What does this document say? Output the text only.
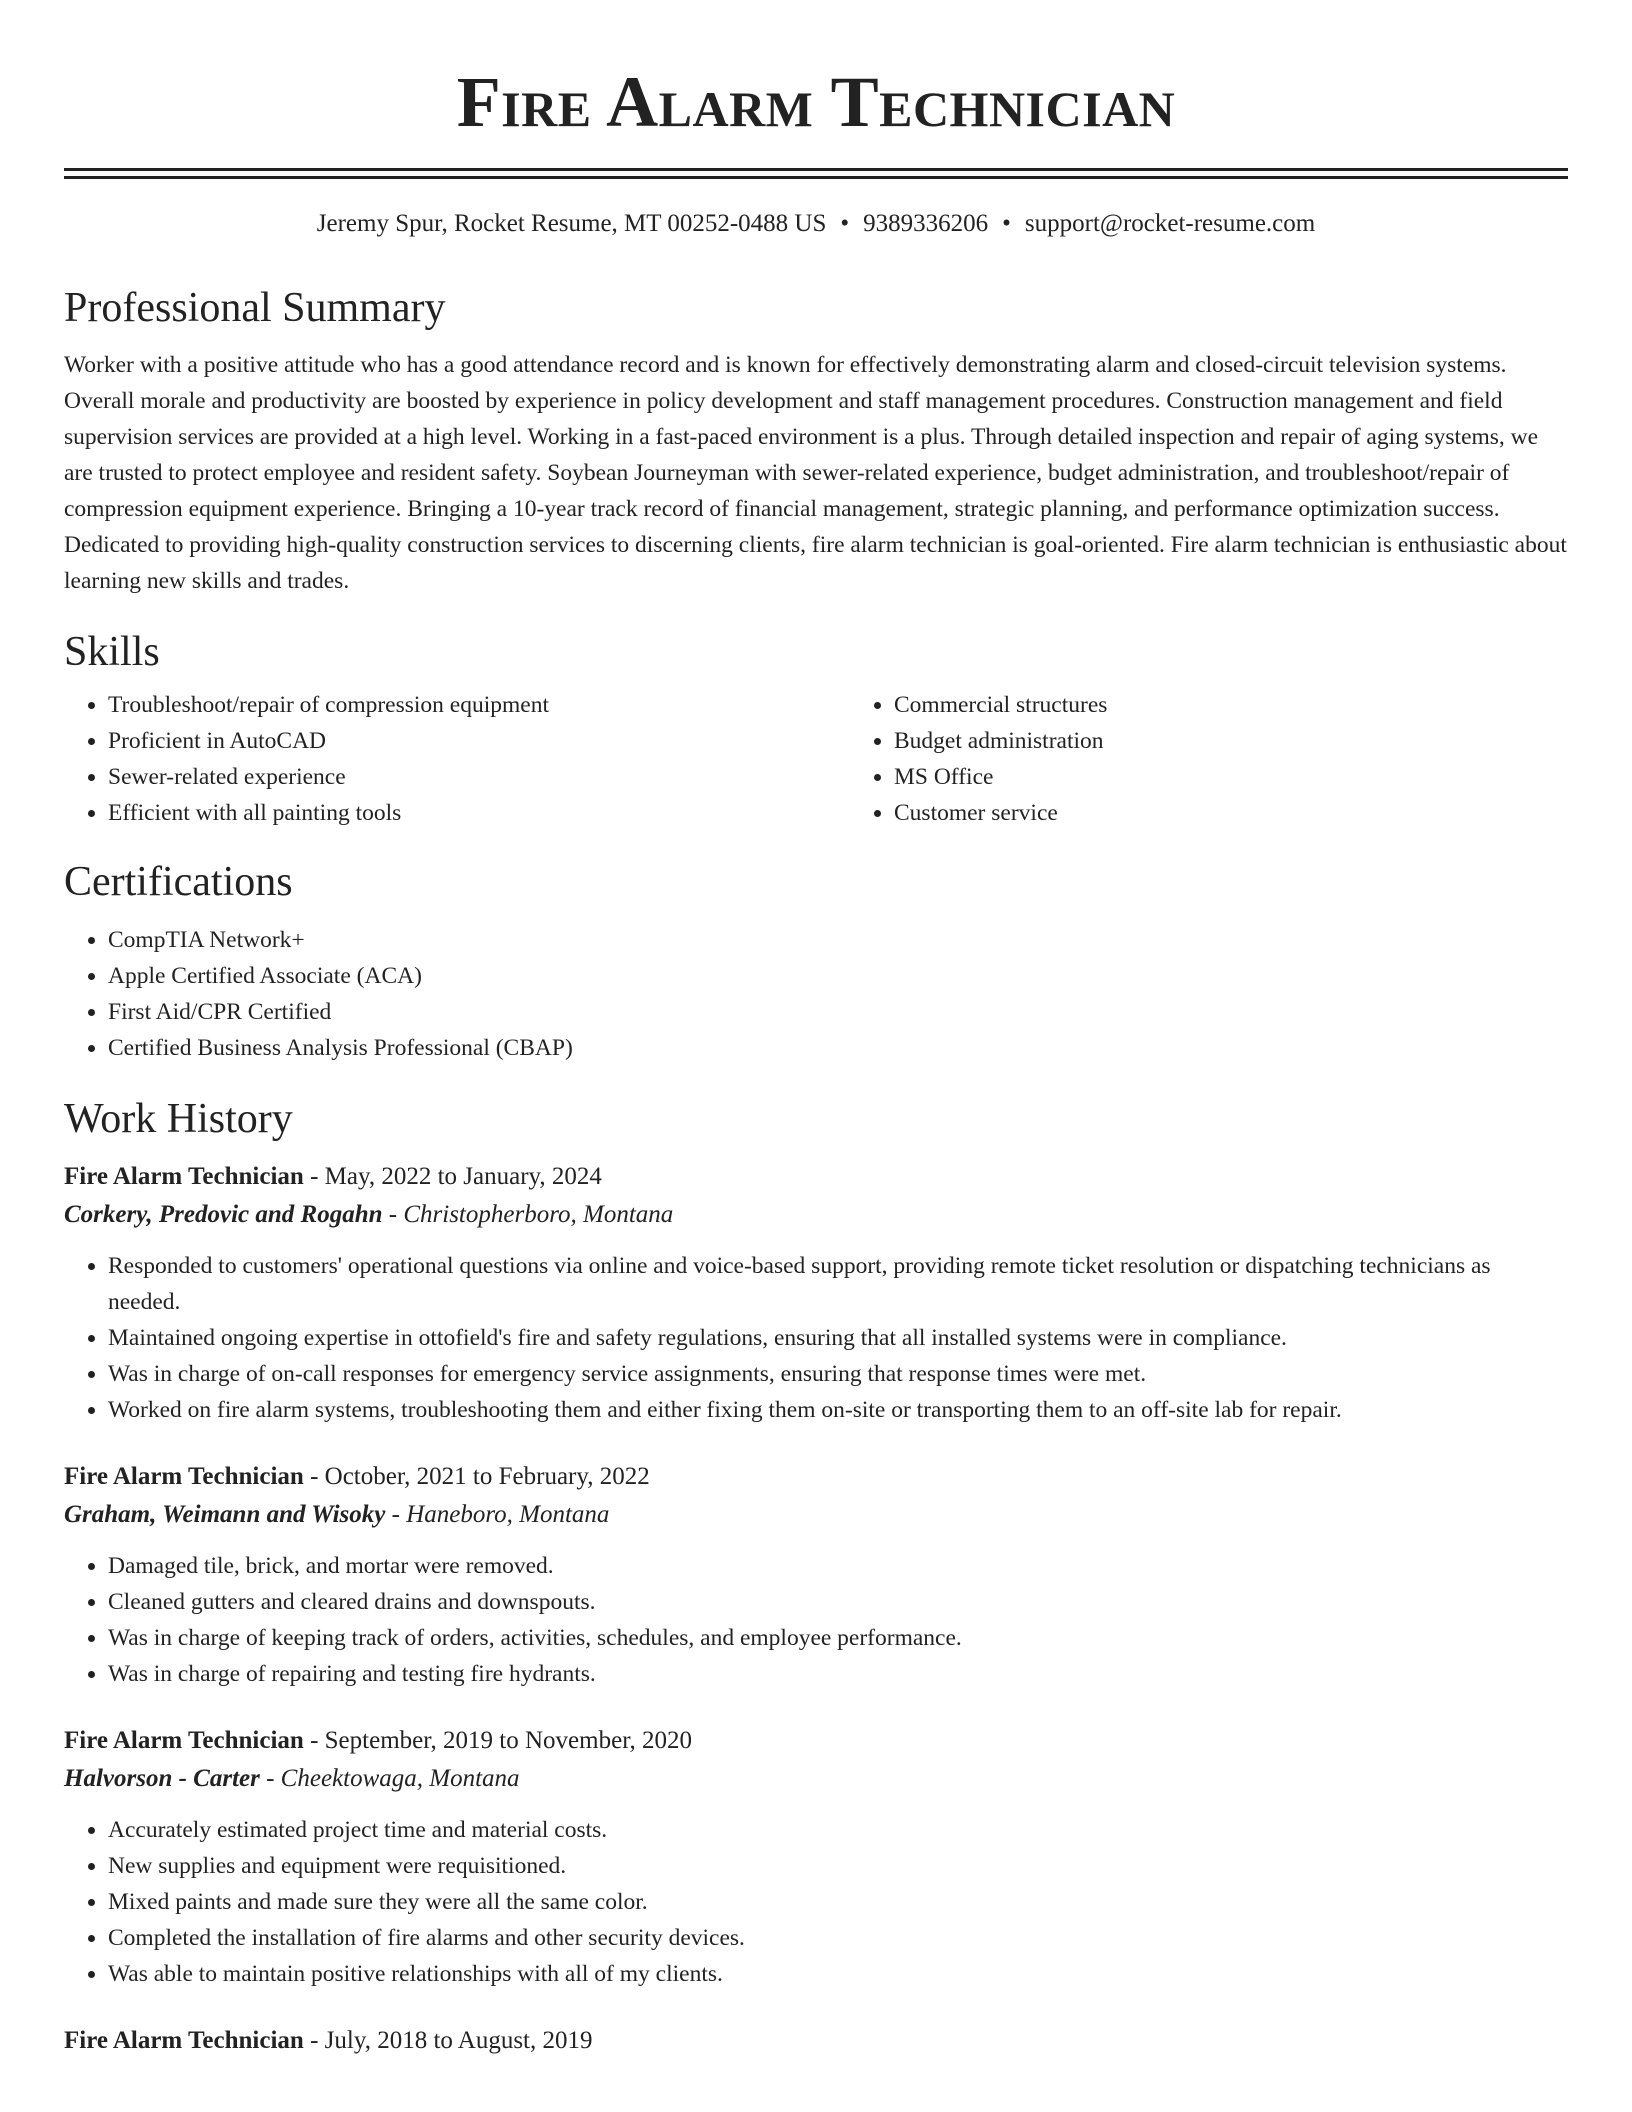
Fire Alarm Technician
Jeremy Spur, Rocket Resume, MT 00252-0488 US • 9389336206 • support@rocket-resume.com
Professional Summary

Worker with a positive attitude who has a good attendance record and is known for effectively demonstrating alarm and closed-circuit television systems. Overall morale and productivity are boosted by experience in policy development and staff management procedures. Construction management and field supervision services are provided at a high level. Working in a fast-paced environment is a plus. Through detailed inspection and repair of aging systems, we are trusted to protect employee and resident safety. Soybean Journeyman with sewer-related experience, budget administration, and troubleshoot/repair of compression equipment experience. Bringing a 10-year track record of financial management, strategic planning, and performance optimization success. Dedicated to providing high-quality construction services to discerning clients, fire alarm technician is goal-oriented. Fire alarm technician is enthusiastic about learning new skills and trades.

Skills
• Troubleshoot/repair of compression equipment
• Proficient in AutoCAD
• Sewer-related experience
• Efficient with all painting tools
• Commercial structures
• Budget administration
• MS Office
• Customer service
Certifications
• CompTIA Network+
• Apple Certified Associate (ACA)
• First Aid/CPR Certified
• Certified Business Analysis Professional (CBAP)
Work History
Fire Alarm Technician - May, 2022 to January, 2024
Corkery, Predovic and Rogahn - Christopherboro, Montana
• Responded to customers' operational questions via online and voice-based support, providing remote ticket resolution or dispatching technicians as needed.
• Maintained ongoing expertise in ottofield's fire and safety regulations, ensuring that all installed systems were in compliance.
• Was in charge of on-call responses for emergency service assignments, ensuring that response times were met.
• Worked on fire alarm systems, troubleshooting them and either fixing them on-site or transporting them to an off-site lab for repair.
Fire Alarm Technician - October, 2021 to February, 2022
Graham, Weimann and Wisoky - Haneboro, Montana
• Damaged tile, brick, and mortar were removed.
• Cleaned gutters and cleared drains and downspouts.
• Was in charge of keeping track of orders, activities, schedules, and employee performance.
• Was in charge of repairing and testing fire hydrants.
Fire Alarm Technician - September, 2019 to November, 2020
Halvorson - Carter - Cheektowaga, Montana
• Accurately estimated project time and material costs.
• New supplies and equipment were requisitioned.
• Mixed paints and made sure they were all the same color.
• Completed the installation of fire alarms and other security devices.
• Was able to maintain positive relationships with all of my clients.
Fire Alarm Technician - July, 2018 to August, 2019
